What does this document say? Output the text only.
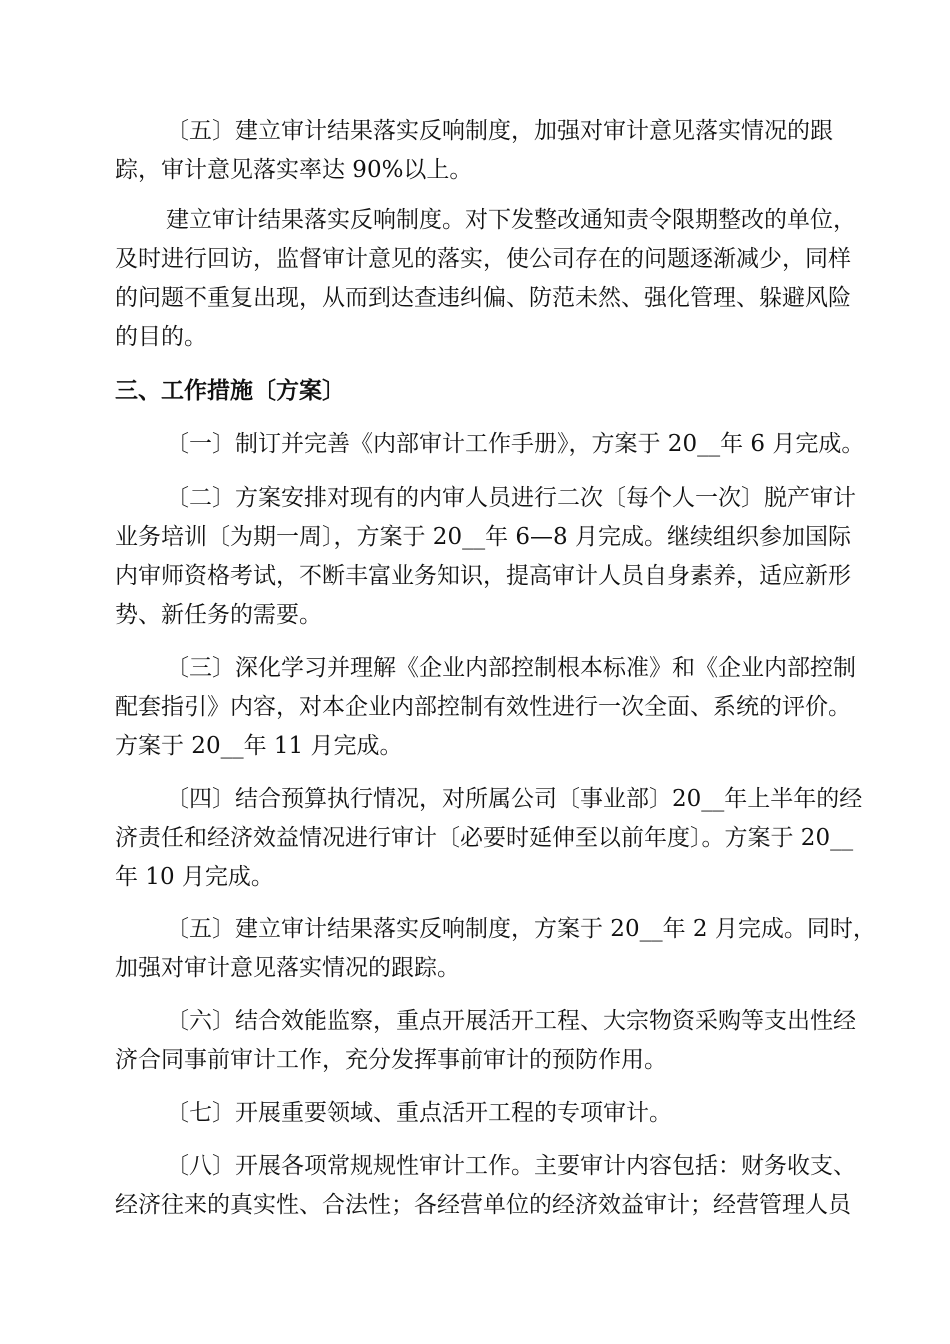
〔五〕建立审计结果落实反响制度，加强对审计意见落实情况的跟
踪，审计意见落实率达 90%以上。
建立审计结果落实反响制度。对下发整改通知责令限期整改的单位，
及时进行回访，监督审计意见的落实，使公司存在的问题逐渐减少，同样
的问题不重复出现，从而到达查违纠偏、防范未然、强化管理、躲避风险
的目的。
三、工作措施〔方案〕
〔一〕制订并完善《内部审计工作手册》，方案于 20__年 6 月完成。
〔二〕方案安排对现有的内审人员进行二次〔每个人一次〕脱产审计
业务培训〔为期一周〕，方案于 20__年 6—8 月完成。继续组织参加国际
内审师资格考试，不断丰富业务知识，提高审计人员自身素养，适应新形
势、新任务的需要。
〔三〕深化学习并理解《企业内部控制根本标准》和《企业内部控制
配套指引》内容，对本企业内部控制有效性进行一次全面、系统的评价。
方案于 20__年 11 月完成。
〔四〕结合预算执行情况，对所属公司〔事业部〕20__年上半年的经
济责任和经济效益情况进行审计〔必要时延伸至以前年度〕。方案于 20__
年 10 月完成。
〔五〕建立审计结果落实反响制度，方案于 20__年 2 月完成。同时，
加强对审计意见落实情况的跟踪。
〔六〕结合效能监察，重点开展活开工程、大宗物资采购等支出性经
济合同事前审计工作，充分发挥事前审计的预防作用。
〔七〕开展重要领域、重点活开工程的专项审计。
〔八〕开展各项常规规性审计工作。主要审计内容包括：财务收支、
经济往来的真实性、合法性；各经营单位的经济效益审计；经营管理人员
